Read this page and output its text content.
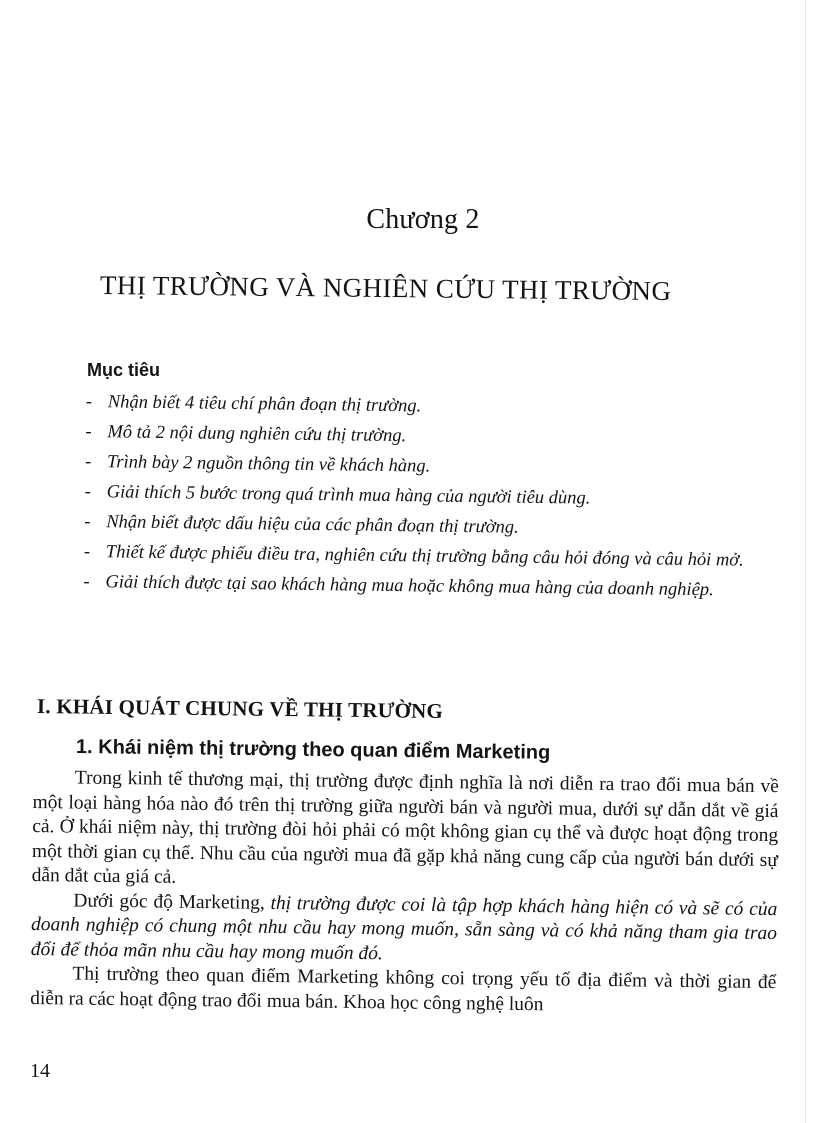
Chương 2
THỊ TRƯỜNG VÀ NGHIÊN CỨU THỊ TRƯỜNG
Mục tiêu
- Nhận biết 4 tiêu chí phân đoạn thị trường.
- Mô tả 2 nội dung nghiên cứu thị trường.
- Trình bày 2 nguồn thông tin về khách hàng.
- Giải thích 5 bước trong quá trình mua hàng của người tiêu dùng.
- Nhận biết được dấu hiệu của các phân đoạn thị trường.
- Thiết kế được phiếu điều tra, nghiên cứu thị trường bằng câu hỏi đóng và câu hỏi mở.
- Giải thích được tại sao khách hàng mua hoặc không mua hàng của doanh nghiệp.
I. KHÁI QUÁT CHUNG VỀ THỊ TRƯỜNG
1. Khái niệm thị trường theo quan điểm Marketing

Trong kinh tế thương mại, thị trường được định nghĩa là nơi diễn ra trao đổi mua bán về một loại hàng hóa nào đó trên thị trường giữa người bán và người mua, dưới sự dẫn dắt về giá cả. Ở khái niệm này, thị trường đòi hỏi phải có một không gian cụ thể và được hoạt động trong một thời gian cụ thể. Nhu cầu của người mua đã gặp khả năng cung cấp của người bán dưới sự dẫn dắt của giá cả.

Dưới góc độ Marketing, thị trường được coi là tập hợp khách hàng hiện có và sẽ có của doanh nghiệp có chung một nhu cầu hay mong muốn, sẵn sàng và có khả năng tham gia trao đổi để thỏa mãn nhu cầu hay mong muốn đó.

Thị trường theo quan điểm Marketing không coi trọng yếu tố địa điểm và thời gian để diễn ra các hoạt động trao đổi mua bán. Khoa học công nghệ luôn

14
